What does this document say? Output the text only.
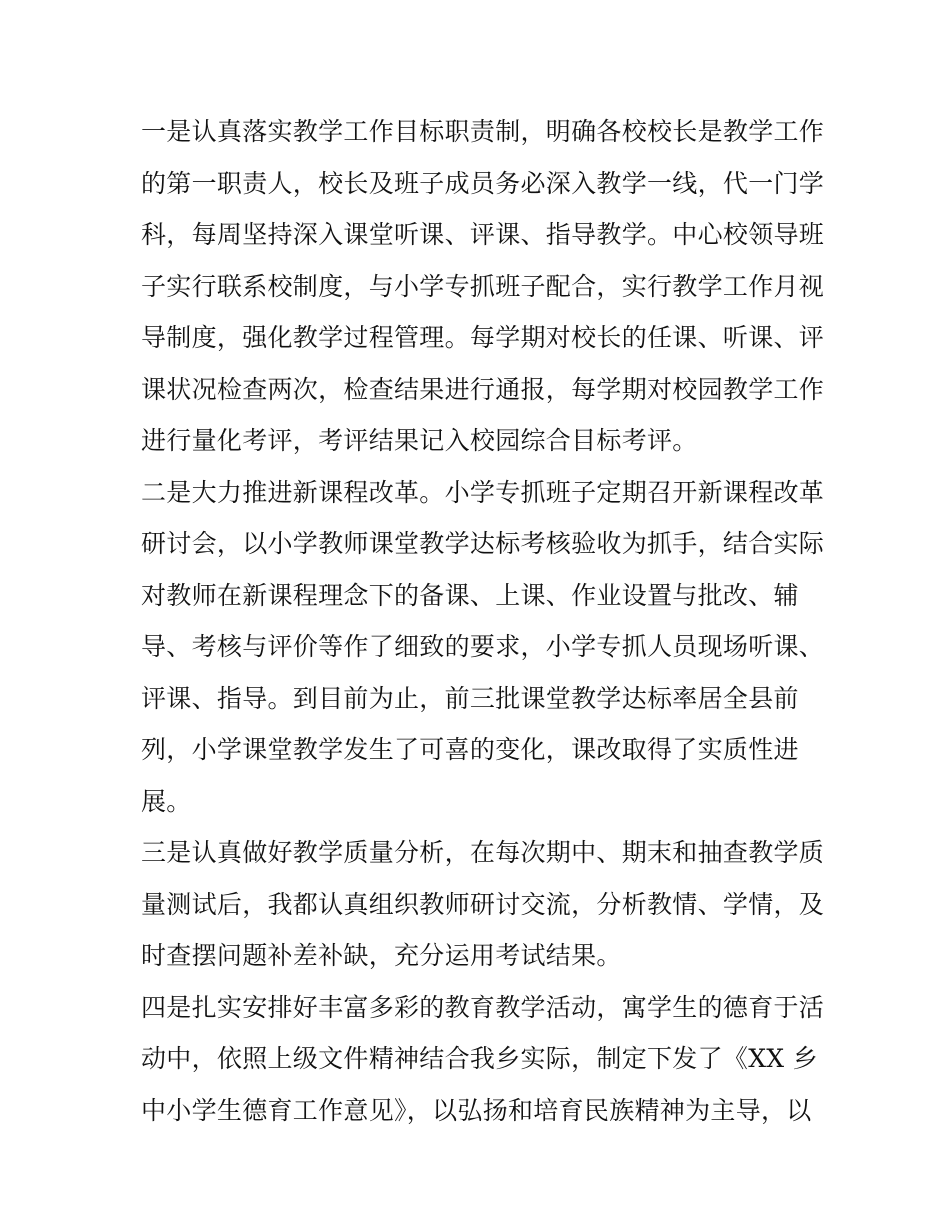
一是认真落实教学工作目标职责制，明确各校校长是教学工作
的第一职责人，校长及班子成员务必深入教学一线，代一门学
科，每周坚持深入课堂听课、评课、指导教学。中心校领导班
子实行联系校制度，与小学专抓班子配合，实行教学工作月视
导制度，强化教学过程管理。每学期对校长的任课、听课、评
课状况检查两次，检查结果进行通报，每学期对校园教学工作
进行量化考评，考评结果记入校园综合目标考评。
二是大力推进新课程改革。小学专抓班子定期召开新课程改革
研讨会，以小学教师课堂教学达标考核验收为抓手，结合实际
对教师在新课程理念下的备课、上课、作业设置与批改、辅
导、考核与评价等作了细致的要求，小学专抓人员现场听课、
评课、指导。到目前为止，前三批课堂教学达标率居全县前
列，小学课堂教学发生了可喜的变化，课改取得了实质性进
展。
三是认真做好教学质量分析，在每次期中、期末和抽查教学质
量测试后，我都认真组织教师研讨交流，分析教情、学情，及
时查摆问题补差补缺，充分运用考试结果。
四是扎实安排好丰富多彩的教育教学活动，寓学生的德育于活
动中，依照上级文件精神结合我乡实际，制定下发了《XX 乡
中小学生德育工作意见》，以弘扬和培育民族精神为主导，以
